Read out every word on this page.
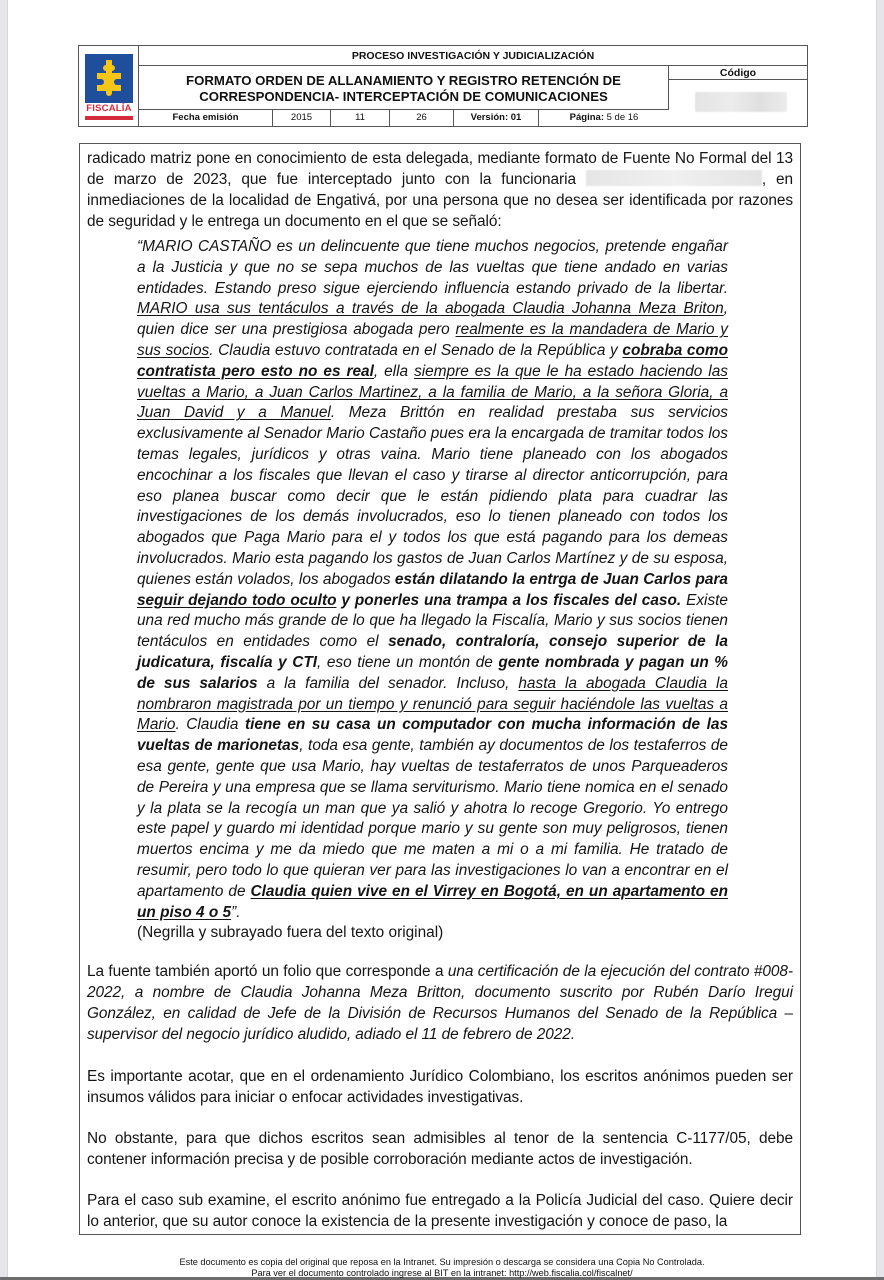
FISCALÍA
PROCESO INVESTIGACIÓN Y JUDICIALIZACIÓN
FORMATO ORDEN DE ALLANAMIENTO Y REGISTRO RETENCIÓN DE
CORRESPONDENCIA- INTERCEPTACIÓN DE COMUNICACIONES
Código
Fecha emisión	2015	11	26	Versión: 01	Página: 5 de 16
radicado matriz pone en conocimiento de esta delegada, mediante formato de Fuente No Formal del 13 de marzo de 2023, que fue interceptado junto con la funcionaria	, en inmediaciones de la localidad de Engativá, por una persona que no desea ser identificada por razones de seguridad y le entrega un documento en el que se señaló:
“MARIO CASTAÑO es un delincuente que tiene muchos negocios, pretende engañar a la Justicia y que no se sepa muchos de las vueltas que tiene andado en varias entidades. Estando preso sigue ejerciendo influencia estando privado de la libertar. MARIO usa sus tentáculos a través de la abogada Claudia Johanna Meza Briton, quien dice ser una prestigiosa abogada pero realmente es la mandadera de Mario y sus socios. Claudia estuvo contratada en el Senado de la República y cobraba como contratista pero esto no es real, ella siempre es la que le ha estado haciendo las vueltas a Mario, a Juan Carlos Martinez, a la familia de Mario, a la señora Gloria, a Juan David y a Manuel. Meza Brittón en realidad prestaba sus servicios exclusivamente al Senador Mario Castaño pues era la encargada de tramitar todos los temas legales, jurídicos y otras vaina. Mario tiene planeado con los abogados encochinar a los fiscales que llevan el caso y tirarse al director anticorrupción, para eso planea buscar como decir que le están pidiendo plata para cuadrar las investigaciones de los demás involucrados, eso lo tienen planeado con todos los abogados que Paga Mario para el y todos los que está pagando para los demeas involucrados. Mario esta pagando los gastos de Juan Carlos Martínez y de su esposa, quienes están volados, los abogados están dilatando la entrga de Juan Carlos para seguir dejando todo oculto y ponerles una trampa a los fiscales del caso. Existe una red mucho más grande de lo que ha llegado la Fiscalía, Mario y sus socios tienen tentáculos en entidades como el senado, contraloría, consejo superior de la judicatura, fiscalía y CTI, eso tiene un montón de gente nombrada y pagan un % de sus salarios a la familia del senador. Incluso, hasta la abogada Claudia la nombraron magistrada por un tiempo y renunció para seguir haciéndole las vueltas a Mario. Claudia tiene en su casa un computador con mucha información de las vueltas de marionetas, toda esa gente, también ay documentos de los testaferros de esa gente, gente que usa Mario, hay vueltas de testaferratos de unos Parqueaderos de Pereira y una empresa que se llama serviturismo. Mario tiene nomica en el senado y la plata se la recogía un man que ya salió y ahotra lo recoge Gregorio. Yo entrego este papel y guardo mi identidad porque mario y su gente son muy peligrosos, tienen muertos encima y me da miedo que me maten a mi o a mi familia. He tratado de resumir, pero todo lo que quieran ver para las investigaciones lo van a encontrar en el apartamento de Claudia quien vive en el Virrey en Bogotá, en un apartamento en un piso 4 o 5”.
(Negrilla y subrayado fuera del texto original)
La fuente también aportó un folio que corresponde a una certificación de la ejecución del contrato #008-2022, a nombre de Claudia Johanna Meza Britton, documento suscrito por Rubén Darío Iregui González, en calidad de Jefe de la División de Recursos Humanos del Senado de la República – supervisor del negocio jurídico aludido, adiado el 11 de febrero de 2022.
Es importante acotar, que en el ordenamiento Jurídico Colombiano, los escritos anónimos pueden ser insumos válidos para iniciar o enfocar actividades investigativas.
No obstante, para que dichos escritos sean admisibles al tenor de la sentencia C-1177/05, debe contener información precisa y de posible corroboración mediante actos de investigación.
Para el caso sub examine, el escrito anónimo fue entregado a la Policía Judicial del caso. Quiere decir lo anterior, que su autor conoce la existencia de la presente investigación y conoce de paso, la
Este documento es copia del original que reposa en la Intranet. Su impresión o descarga se considera una Copia No Controlada.
Para ver el documento controlado ingrese al BIT en la intranet: http://web.fiscalia.col/fiscalnet/
